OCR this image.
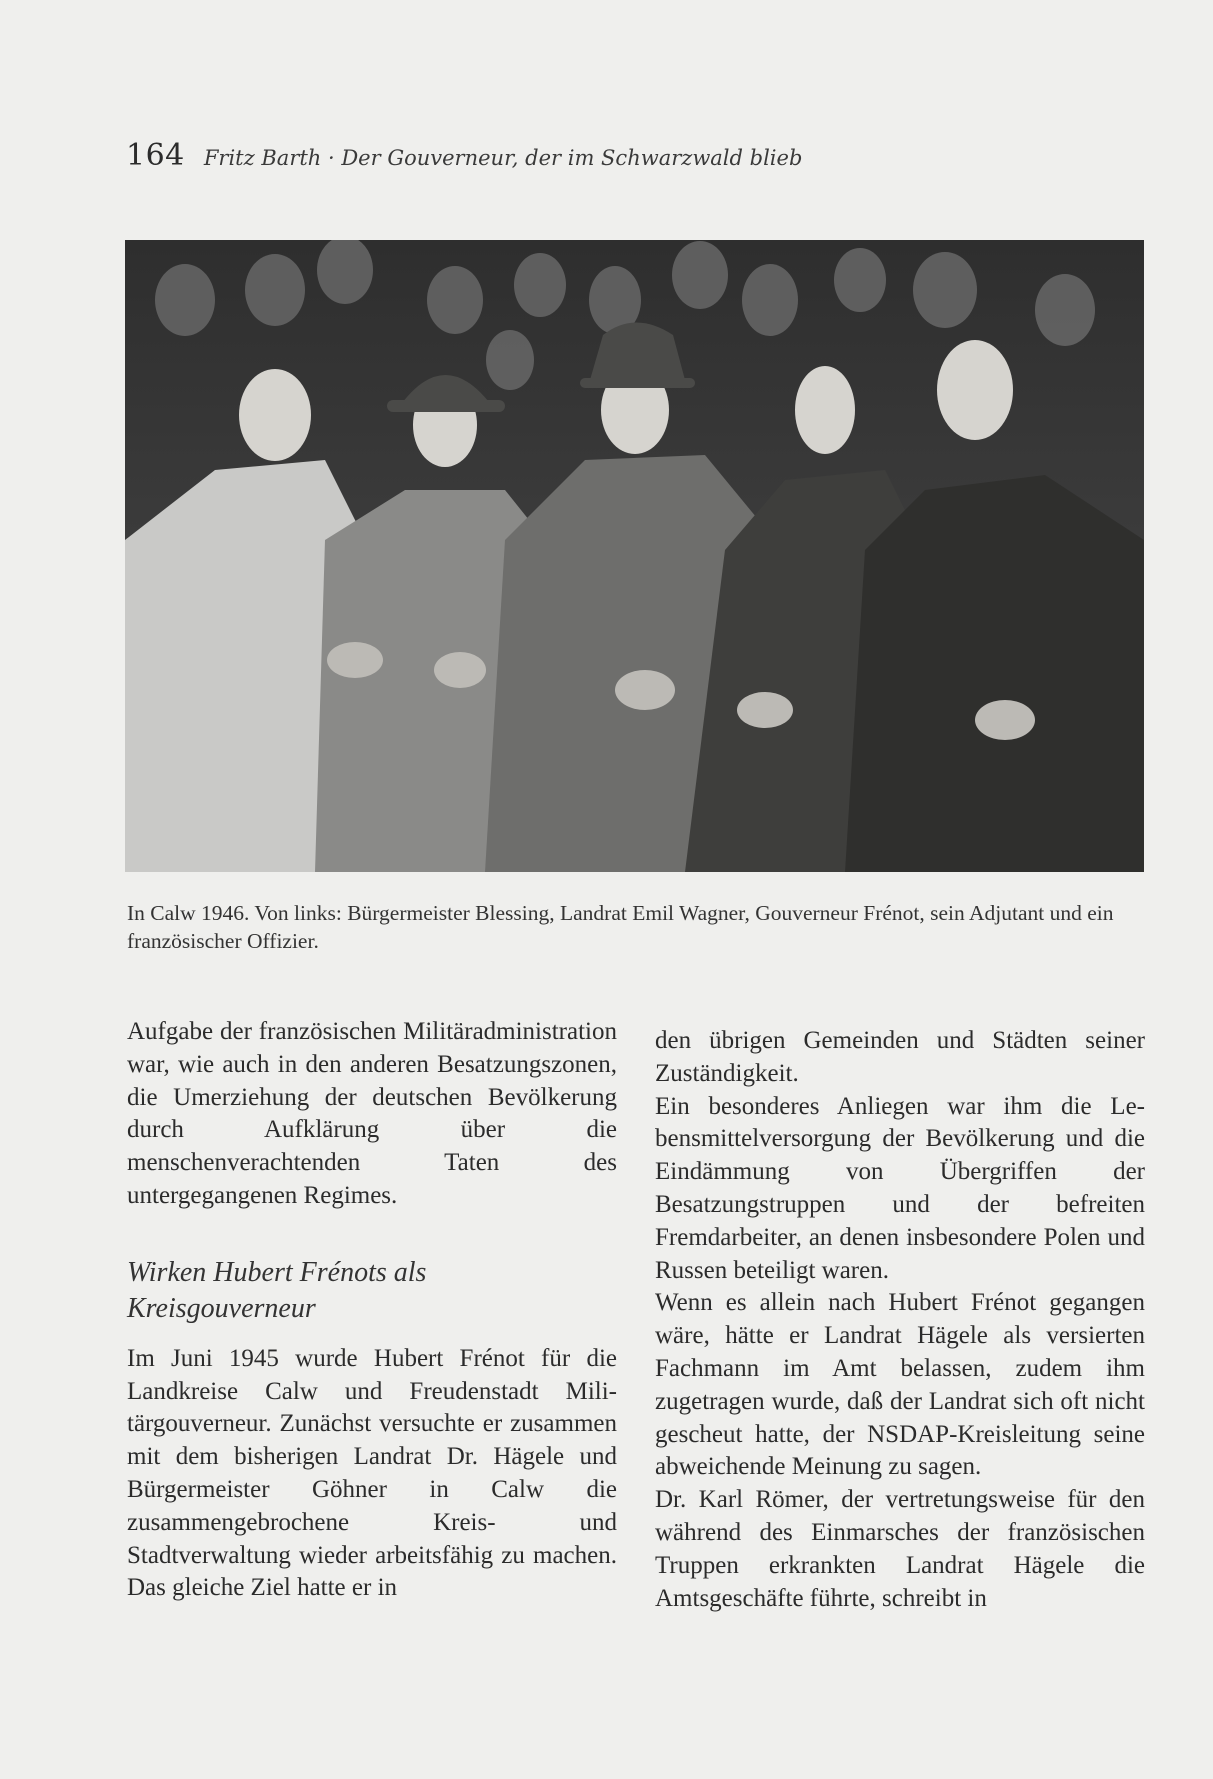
164 Fritz Barth · Der Gouverneur, der im Schwarzwald blieb
In Calw 1946. Von links: Bürgermeister Blessing, Landrat Emil Wagner, Gouverneur Frénot, sein Adjutant und ein französischer Offizier.

Aufgabe der französischen Militäradministration war, wie auch in den anderen Besatzungszonen, die Umerziehung der deutschen Bevölkerung durch Aufklärung über die menschenverachtenden Taten des untergegangenen Regimes.

Wirken Hubert Frénots als Kreisgouverneur

Im Juni 1945 wurde Hubert Frénot für die Landkreise Calw und Freudenstadt Militärgouverneur. Zunächst versuchte er zusammen mit dem bisherigen Landrat Dr. Hägele und Bürgermeister Göhner in Calw die zusammengebrochene Kreis- und Stadtverwaltung wieder arbeitsfähig zu machen. Das gleiche Ziel hatte er in

den übrigen Gemeinden und Städten seiner Zuständigkeit.

Ein besonderes Anliegen war ihm die Lebensmittelversorgung der Bevölkerung und die Eindämmung von Übergriffen der Besatzungstruppen und der befreiten Fremdarbeiter, an denen insbesondere Polen und Russen beteiligt waren.

Wenn es allein nach Hubert Frénot gegangen wäre, hätte er Landrat Hägele als versierten Fachmann im Amt belassen, zudem ihm zugetragen wurde, daß der Landrat sich oft nicht gescheut hatte, der NSDAP-Kreisleitung seine abweichende Meinung zu sagen.

Dr. Karl Römer, der vertretungsweise für den während des Einmarsches der französischen Truppen erkrankten Landrat Hägele die Amtsgeschäfte führte, schreibt in
